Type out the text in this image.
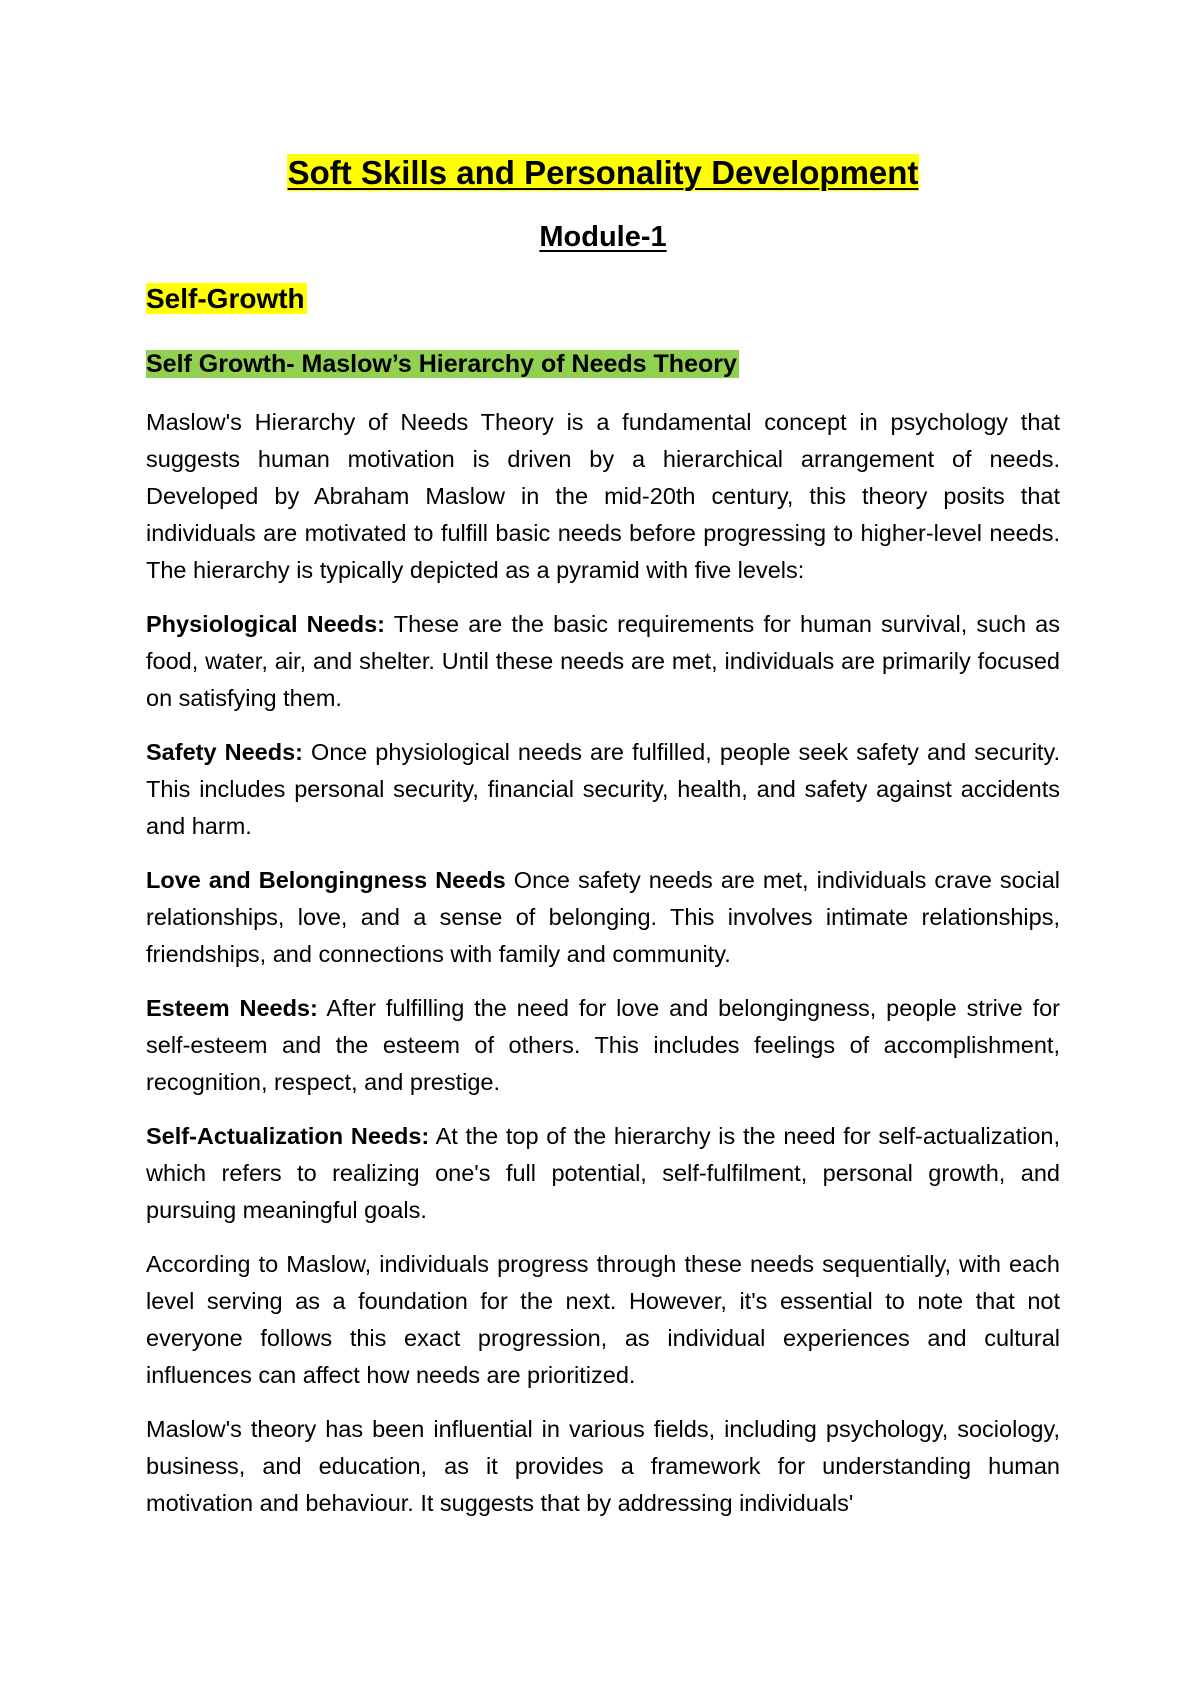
Soft Skills and Personality Development
Module-1
Self-Growth
Self Growth- Maslow’s Hierarchy of Needs Theory

Maslow's Hierarchy of Needs Theory is a fundamental concept in psychology that suggests human motivation is driven by a hierarchical arrangement of needs. Developed by Abraham Maslow in the mid-20th century, this theory posits that individuals are motivated to fulfill basic needs before progressing to higher-level needs. The hierarchy is typically depicted as a pyramid with five levels:

Physiological Needs: These are the basic requirements for human survival, such as food, water, air, and shelter. Until these needs are met, individuals are primarily focused on satisfying them.

Safety Needs: Once physiological needs are fulfilled, people seek safety and security. This includes personal security, financial security, health, and safety against accidents and harm.

Love and Belongingness Needs Once safety needs are met, individuals crave social relationships, love, and a sense of belonging. This involves intimate relationships, friendships, and connections with family and community.

Esteem Needs: After fulfilling the need for love and belongingness, people strive for self-esteem and the esteem of others. This includes feelings of accomplishment, recognition, respect, and prestige.

Self-Actualization Needs: At the top of the hierarchy is the need for self-actualization, which refers to realizing one's full potential, self-fulfilment, personal growth, and pursuing meaningful goals.

According to Maslow, individuals progress through these needs sequentially, with each level serving as a foundation for the next. However, it's essential to note that not everyone follows this exact progression, as individual experiences and cultural influences can affect how needs are prioritized.

Maslow's theory has been influential in various fields, including psychology, sociology, business, and education, as it provides a framework for understanding human motivation and behaviour. It suggests that by addressing individuals'
